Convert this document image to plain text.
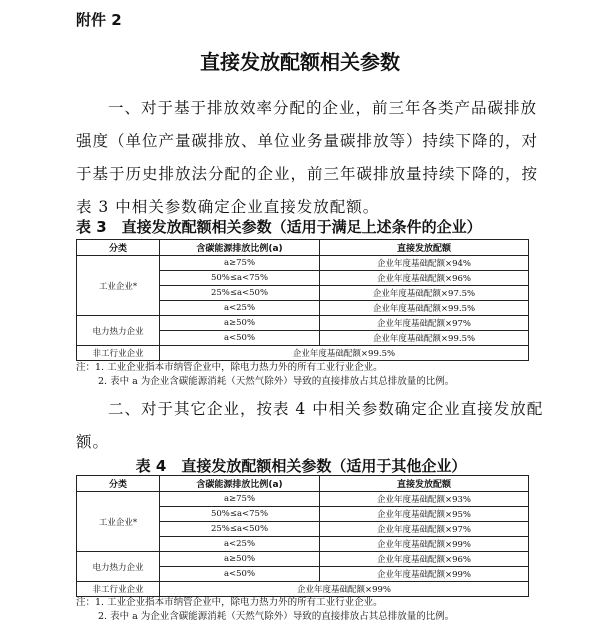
附件 2
直接发放配额相关参数
一、对于基于排放效率分配的企业，前三年各类产品碳排放
强度（单位产量碳排放、单位业务量碳排放等）持续下降的，对
于基于历史排放法分配的企业，前三年碳排放量持续下降的，按
表 3 中相关参数确定企业直接发放配额。
表 3　直接发放配额相关参数（适用于满足上述条件的企业）
分类	含碳能源排放比例(a)	直接发放配额
工业企业*	a≥75%	企业年度基础配额×94%
	50%≤a<75%	企业年度基础配额×96%
	25%≤a<50%	企业年度基础配额×97.5%
	a<25%	企业年度基础配额×99.5%
电力热力企业	a≥50%	企业年度基础配额×97%
	a<50%	企业年度基础配额×99.5%
非工行业企业	企业年度基础配额×99.5%	
注：1. 工业企业指本市纳管企业中，除电力热力外的所有工业行业企业。
2. 表中 a 为企业含碳能源消耗（天然气除外）导致的直接排放占其总排放量的比例。
二、对于其它企业，按表 4 中相关参数确定企业直接发放配
额。
表 4　直接发放配额相关参数（适用于其他企业）
分类	含碳能源排放比例(a)	直接发放配额
工业企业*	a≥75%	企业年度基础配额×93%
	50%≤a<75%	企业年度基础配额×95%
	25%≤a<50%	企业年度基础配额×97%
	a<25%	企业年度基础配额×99%
电力热力企业	a≥50%	企业年度基础配额×96%
	a<50%	企业年度基础配额×99%
非工行业企业	企业年度基础配额×99%	
注：1. 工业企业指本市纳管企业中，除电力热力外的所有工业行业企业。
2. 表中 a 为企业含碳能源消耗（天然气除外）导致的直接排放占其总排放量的比例。
